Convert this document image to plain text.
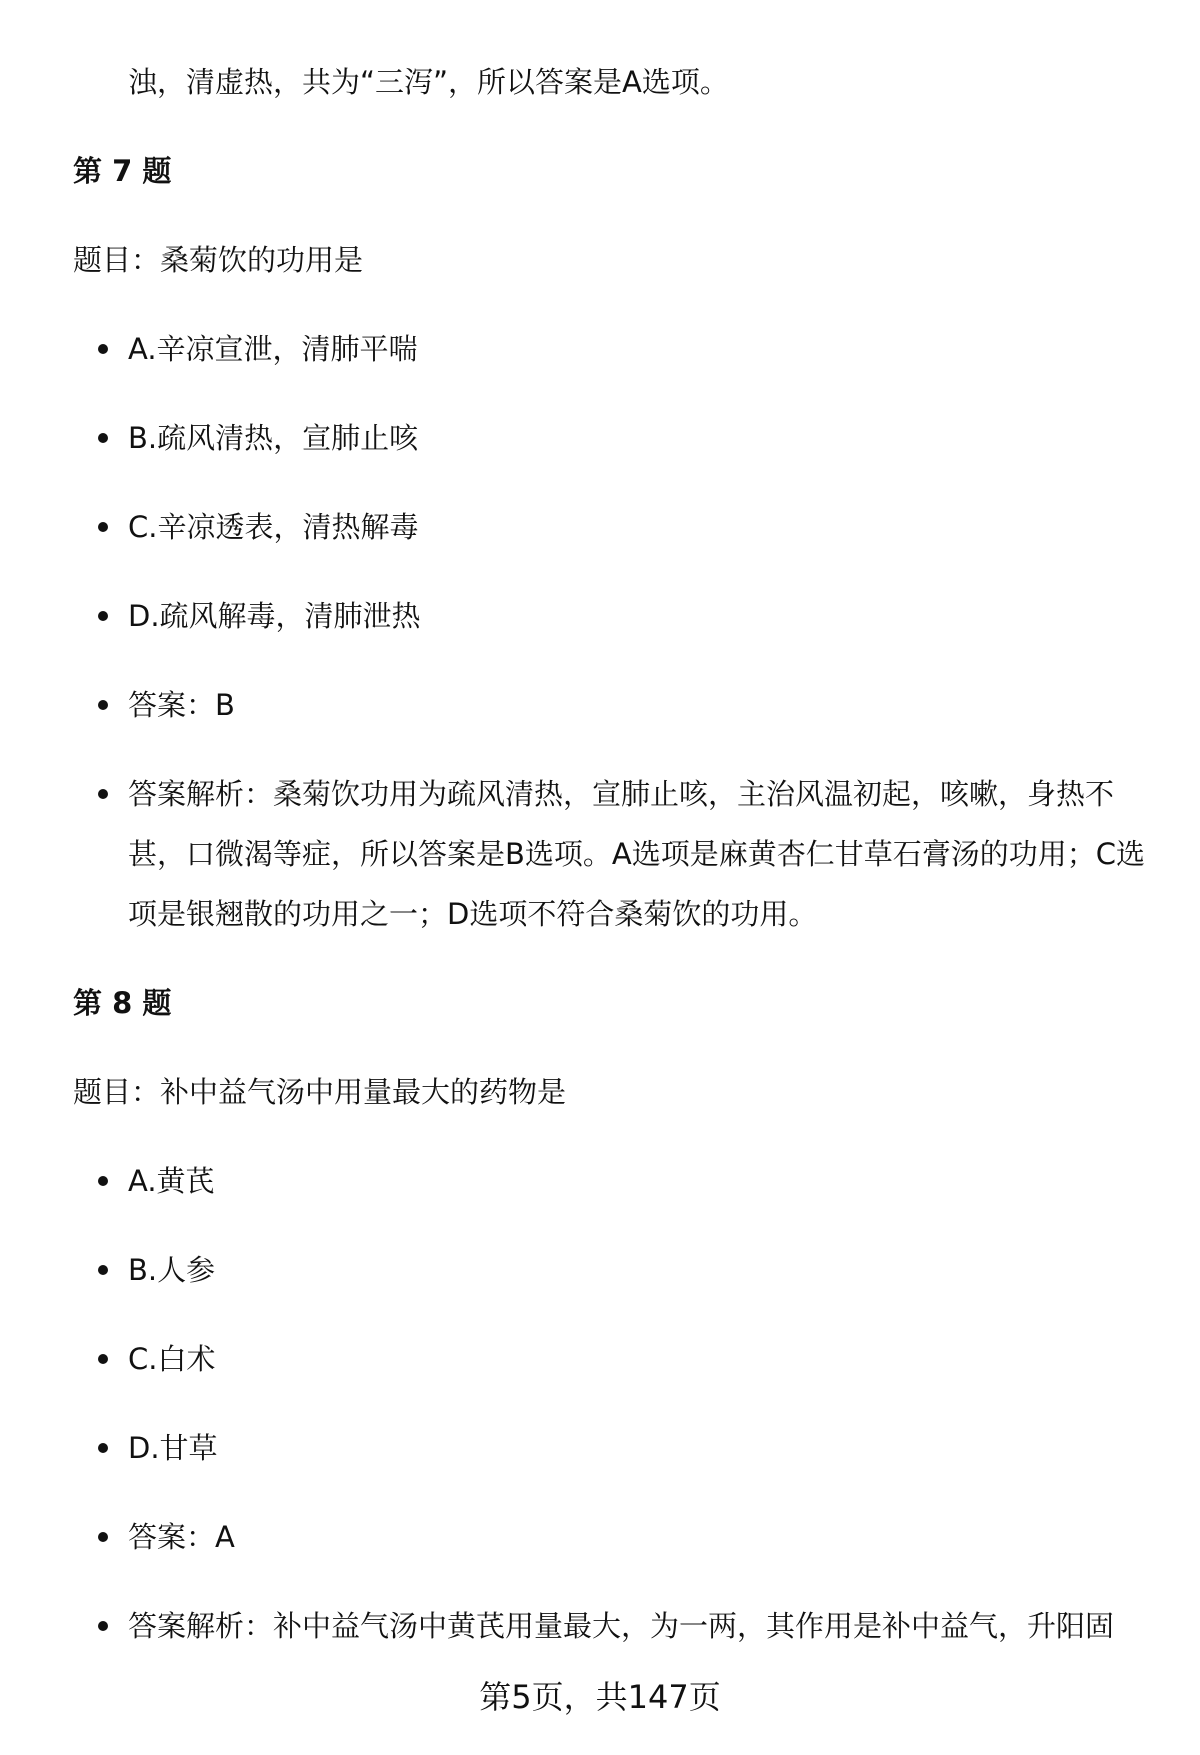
浊，清虚热，共为“三泻”，所以答案是A选项。
第 7 题
题目：桑菊饮的功用是
A.辛凉宣泄，清肺平喘
B.疏风清热，宣肺止咳
C.辛凉透表，清热解毒
D.疏风解毒，清肺泄热
答案：B
答案解析：桑菊饮功用为疏风清热，宣肺止咳，主治风温初起，咳嗽，身热不甚，口微渴等症，所以答案是B选项。A选项是麻黄杏仁甘草石膏汤的功用；C选项是银翘散的功用之一；D选项不符合桑菊饮的功用。
第 8 题
题目：补中益气汤中用量最大的药物是
A.黄芪
B.人参
C.白术
D.甘草
答案：A
答案解析：补中益气汤中黄芪用量最大，为一两，其作用是补中益气，升阳固
第5页，共147页
